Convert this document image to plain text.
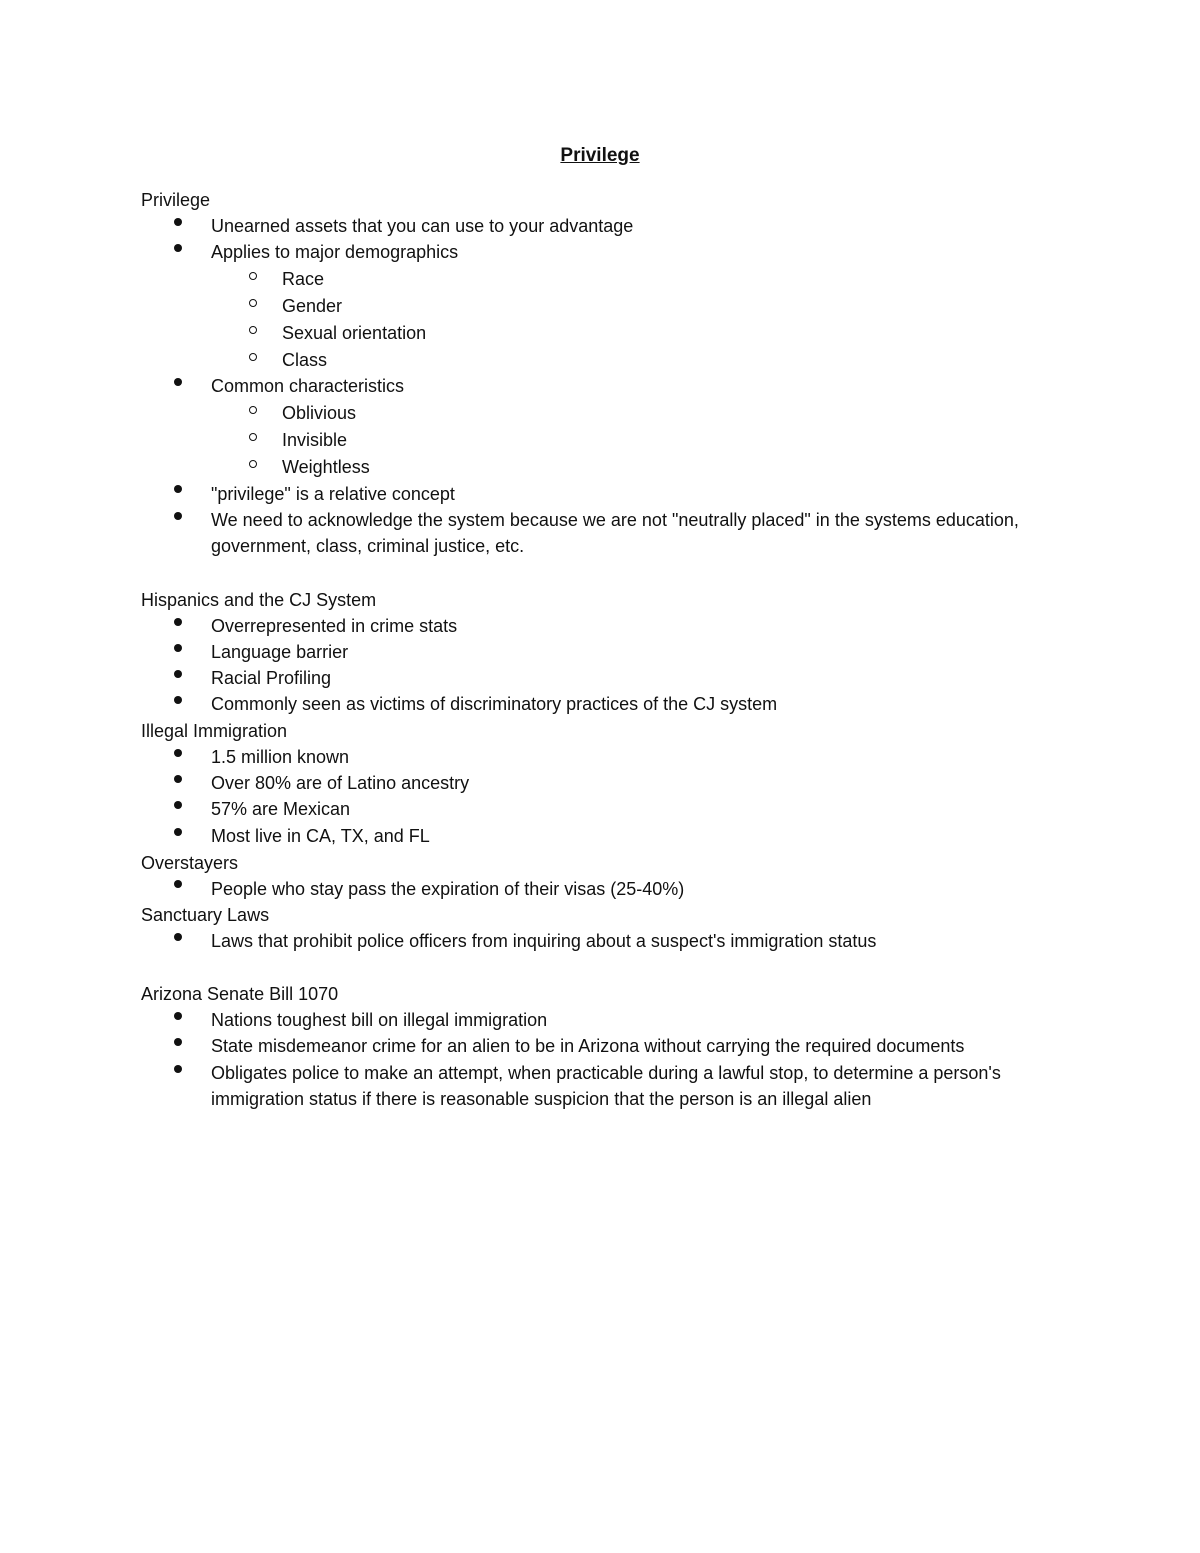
Privilege
Privilege
Unearned assets that you can use to your advantage
Applies to major demographics
Race
Gender
Sexual orientation
Class
Common characteristics
Oblivious
Invisible
Weightless
"privilege" is a relative concept
We need to acknowledge the system because we are not "neutrally placed" in the systems education, government, class, criminal justice, etc.
Hispanics and the CJ System
Overrepresented in crime stats
Language barrier
Racial Profiling
Commonly seen as victims of discriminatory practices of the CJ system
Illegal Immigration
1.5 million known
Over 80% are of Latino ancestry
57% are Mexican
Most live in CA, TX, and FL
Overstayers
People who stay pass the expiration of their visas (25-40%)
Sanctuary Laws
Laws that prohibit police officers from inquiring about a suspect's immigration status
Arizona Senate Bill 1070
Nations toughest bill on illegal immigration
State misdemeanor crime for an alien to be in Arizona without carrying the required documents
Obligates police to make an attempt, when practicable during a lawful stop, to determine a person's immigration status if there is reasonable suspicion that the person is an illegal alien
